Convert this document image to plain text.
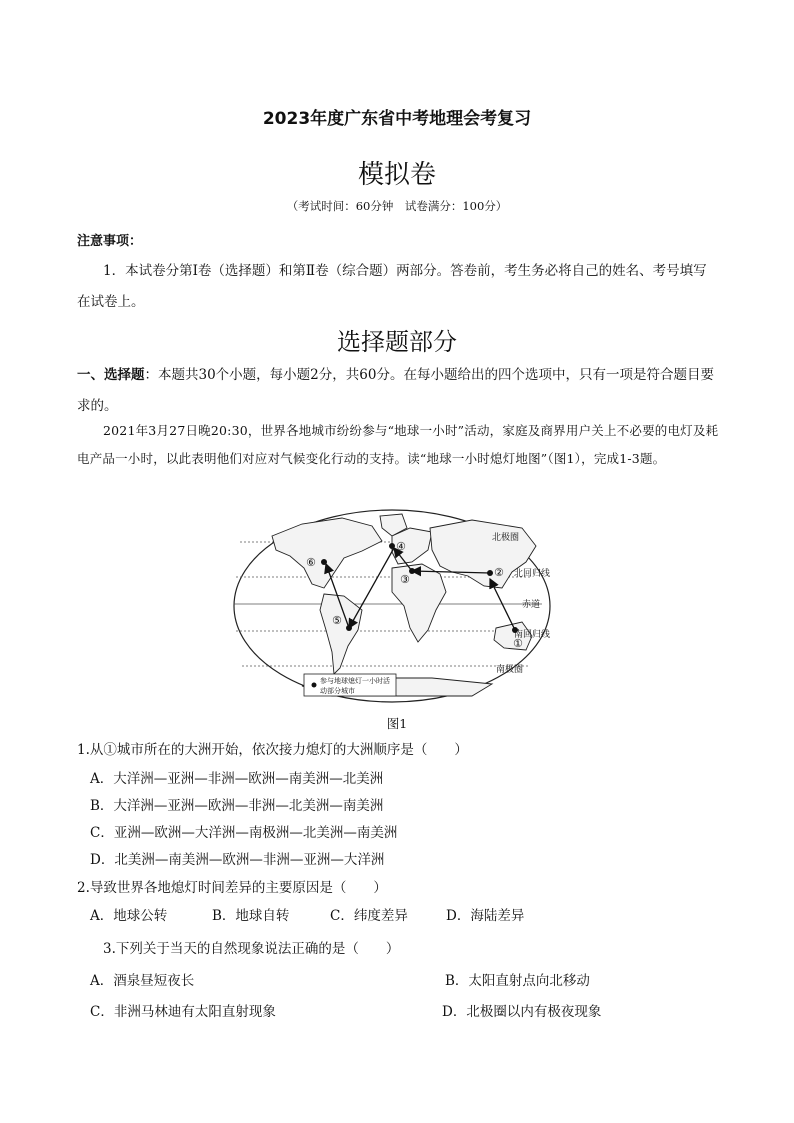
2023年度广东省中考地理会考复习
模拟卷
（考试时间：60分钟　试卷满分：100分）
注意事项：
1．本试卷分第Ⅰ卷（选择题）和第Ⅱ卷（综合题）两部分。答卷前，考生务必将自己的姓名、考号填写在试卷上。
选择题部分
一、选择题：本题共30个小题，每小题2分，共60分。在每小题给出的四个选项中，只有一项是符合题目要求的。
2021年3月27日晚20:30，世界各地城市纷纷参与“地球一小时”活动，家庭及商界用户关上不必要的电灯及耗电产品一小时，以此表明他们对应对气候变化行动的支持。读“地球一小时熄灯地图”（图1），完成1-3题。
①
②
③
④
⑤
⑥
北极圈
北回归线
赤道
南回归线
南极圈
参与地球熄灯一小时活动部分城市
图1
1.从①城市所在的大洲开始，依次接力熄灯的大洲顺序是（　　）
A．大洋洲—亚洲—非洲—欧洲—南美洲—北美洲
B．大洋洲—亚洲—欧洲—非洲—北美洲—南美洲
C．亚洲—欧洲—大洋洲—南极洲—北美洲—南美洲
D．北美洲—南美洲—欧洲—非洲—亚洲—大洋洲
2.导致世界各地熄灯时间差异的主要原因是（　　）
A．地球公转	B．地球自转	C．纬度差异	D．海陆差异
3.下列关于当天的自然现象说法正确的是（　　）
A．酒泉昼短夜长	B．太阳直射点向北移动
C．非洲马林迪有太阳直射现象	D．北极圈以内有极夜现象
